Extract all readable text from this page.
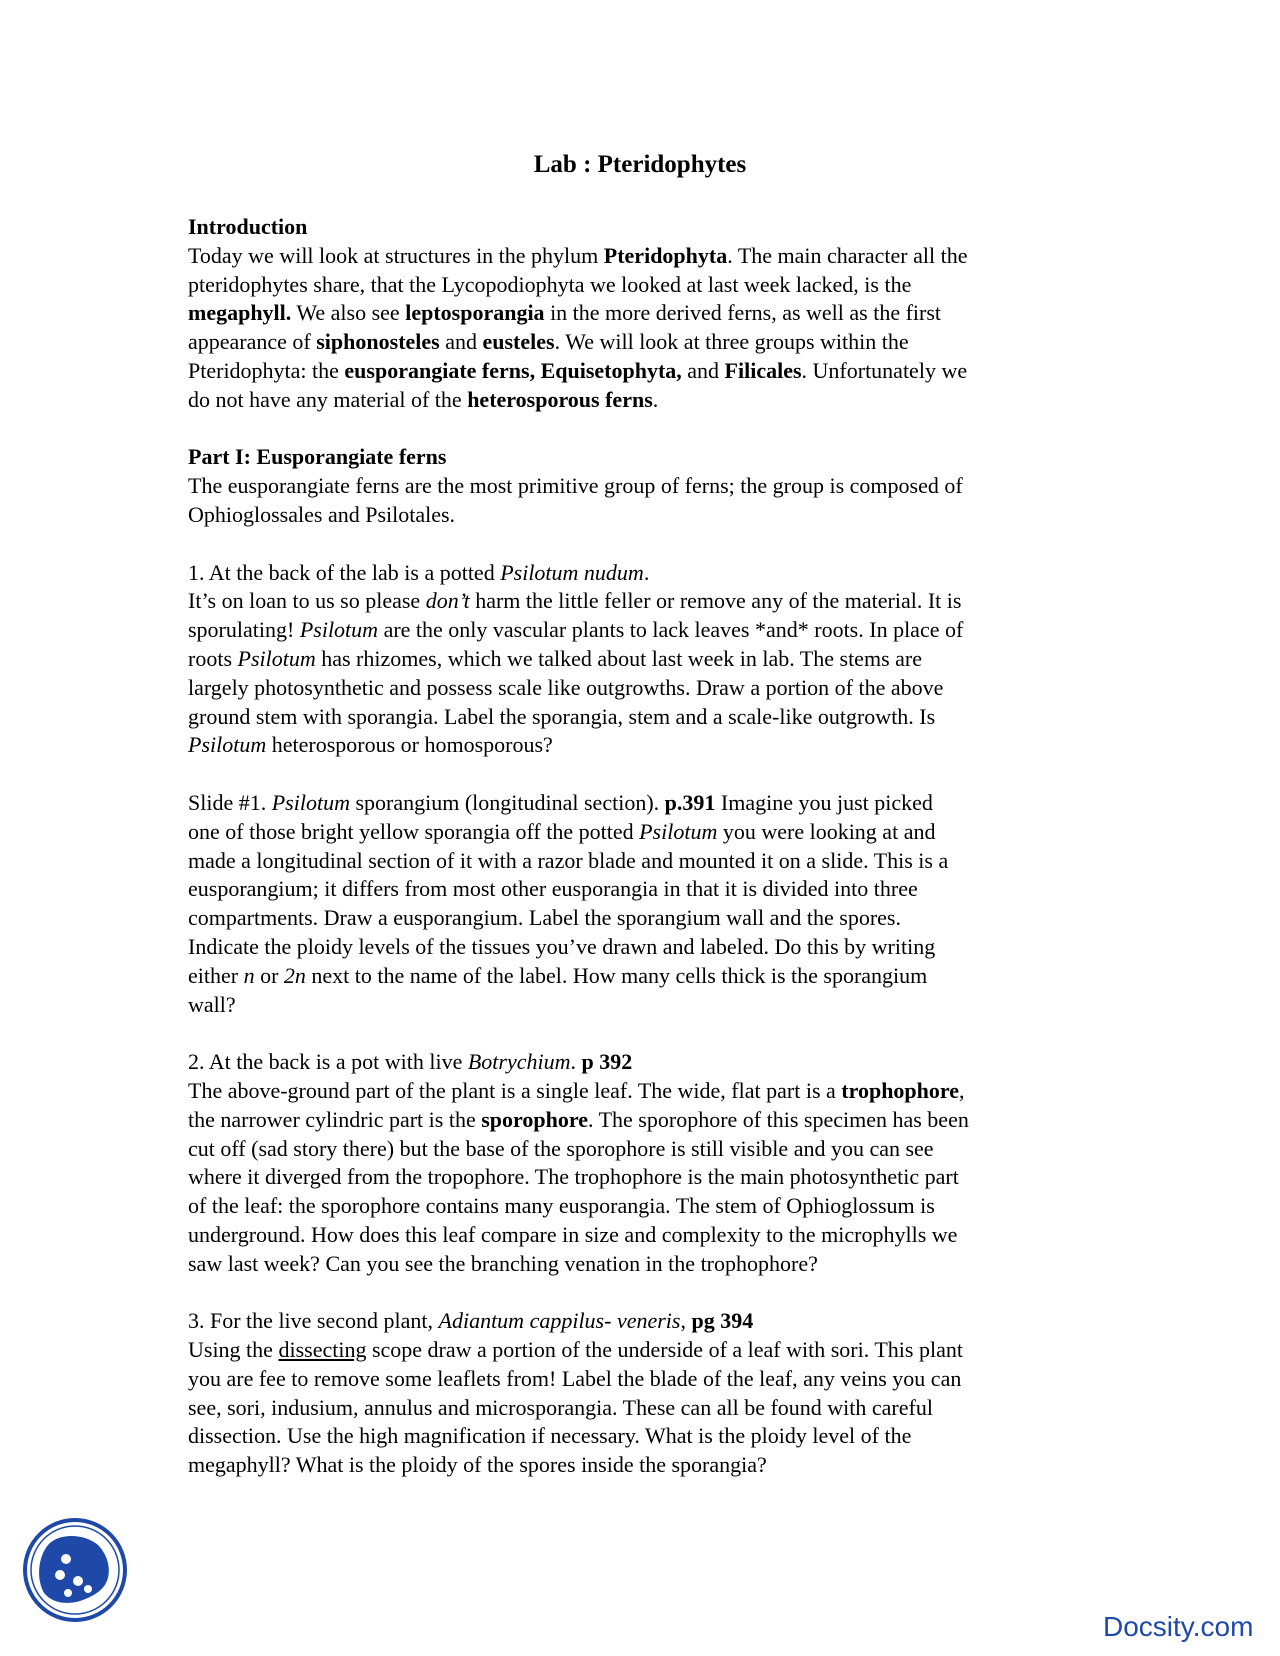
Lab : Pteridophytes
Introduction
Today we will look at structures in the phylum Pteridophyta. The main character all the
pteridophytes share, that the Lycopodiophyta we looked at last week lacked, is the
megaphyll. We also see leptosporangia in the more derived ferns, as well as the first
appearance of siphonosteles and eusteles. We will look at three groups within the
Pteridophyta: the eusporangiate ferns, Equisetophyta, and Filicales. Unfortunately we
do not have any material of the heterosporous ferns.
Part I: Eusporangiate ferns
The eusporangiate ferns are the most primitive group of ferns; the group is composed of
Ophioglossales and Psilotales.
1. At the back of the lab is a potted Psilotum nudum.
It’s on loan to us so please don’t harm the little feller or remove any of the material. It is
sporulating! Psilotum are the only vascular plants to lack leaves *and* roots. In place of
roots Psilotum has rhizomes, which we talked about last week in lab. The stems are
largely photosynthetic and possess scale like outgrowths. Draw a portion of the above
ground stem with sporangia. Label the sporangia, stem and a scale-like outgrowth. Is
Psilotum heterosporous or homosporous?
Slide #1. Psilotum sporangium (longitudinal section). p.391 Imagine you just picked
one of those bright yellow sporangia off the potted Psilotum you were looking at and
made a longitudinal section of it with a razor blade and mounted it on a slide. This is a
eusporangium; it differs from most other eusporangia in that it is divided into three
compartments. Draw a eusporangium. Label the sporangium wall and the spores.
Indicate the ploidy levels of the tissues you’ve drawn and labeled. Do this by writing
either n or 2n next to the name of the label. How many cells thick is the sporangium
wall?
2. At the back is a pot with live Botrychium. p 392
The above-ground part of the plant is a single leaf. The wide, flat part is a trophophore,
the narrower cylindric part is the sporophore. The sporophore of this specimen has been
cut off (sad story there) but the base of the sporophore is still visible and you can see
where it diverged from the tropophore. The trophophore is the main photosynthetic part
of the leaf: the sporophore contains many eusporangia. The stem of Ophioglossum is
underground. How does this leaf compare in size and complexity to the microphylls we
saw last week? Can you see the branching venation in the trophophore?
3. For the live second plant, Adiantum cappilus- veneris, pg 394
Using the dissecting scope draw a portion of the underside of a leaf with sori. This plant
you are fee to remove some leaflets from! Label the blade of the leaf, any veins you can
see, sori, indusium, annulus and microsporangia. These can all be found with careful
dissection. Use the high magnification if necessary. What is the ploidy level of the
megaphyll? What is the ploidy of the spores inside the sporangia?
Docsity.com
